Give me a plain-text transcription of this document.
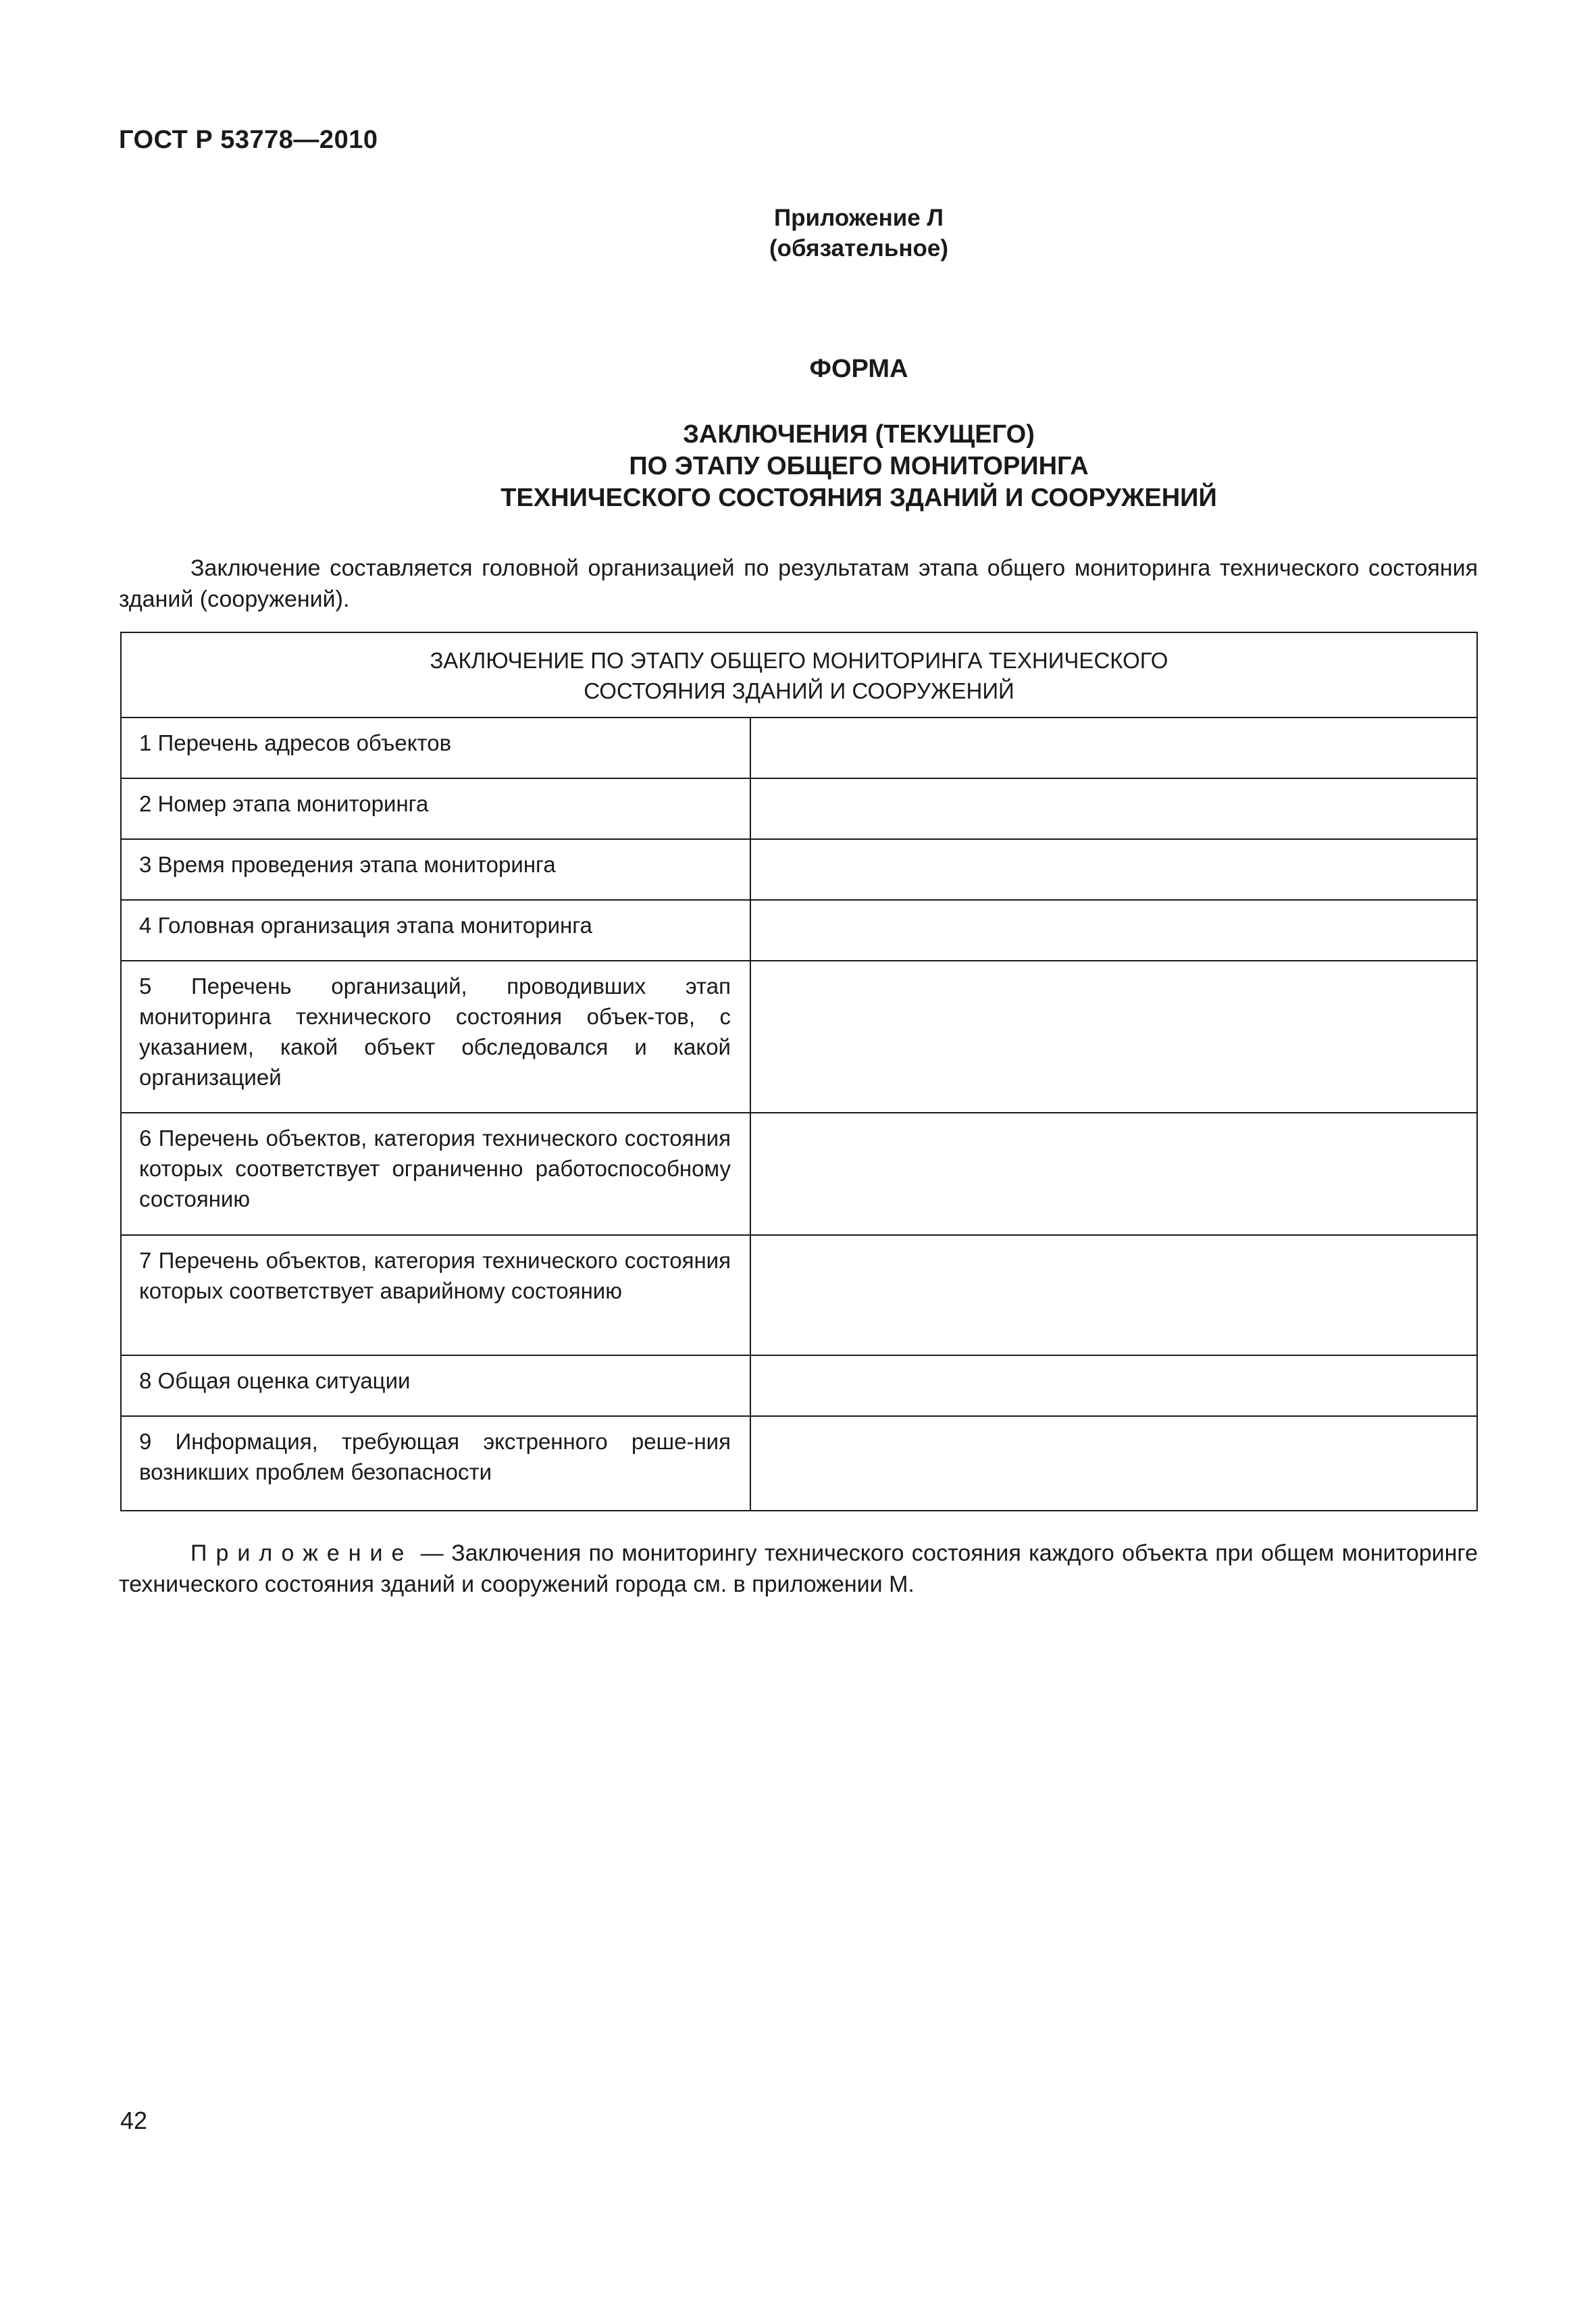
ГОСТ Р 53778—2010
Приложение Л
(обязательное)
ФОРМА
ЗАКЛЮЧЕНИЯ (ТЕКУЩЕГО)
ПО ЭТАПУ ОБЩЕГО МОНИТОРИНГА
ТЕХНИЧЕСКОГО СОСТОЯНИЯ ЗДАНИЙ И СООРУЖЕНИЙ
Заключение составляется головной организацией по результатам этапа общего мониторинга технического состояния зданий (сооружений).
ЗАКЛЮЧЕНИЕ ПО ЭТАПУ ОБЩЕГО МОНИТОРИНГА ТЕХНИЧЕСКОГО
СОСТОЯНИЯ ЗДАНИЙ И СООРУЖЕНИЙ	

1 Перечень адресов объектов	
2 Номер этапа мониторинга	
3 Время проведения этапа мониторинга	
4 Головная организация этапа мониторинга	
5 Перечень организаций, проводивших этап мониторинга технического состояния объек-тов, с указанием, какой объект обследовался и какой организацией	
6 Перечень объектов, категория технического состояния которых соответствует ограниченно работоспособному состоянию	
7 Перечень объектов, категория технического состояния которых соответствует аварийному состоянию	
8 Общая оценка ситуации	
9 Информация, требующая экстренного реше-ния возникших проблем безопасности	
Приложение — Заключения по мониторингу технического состояния каждого объекта при общем мониторинге технического состояния зданий и сооружений города см. в приложении М.
42
